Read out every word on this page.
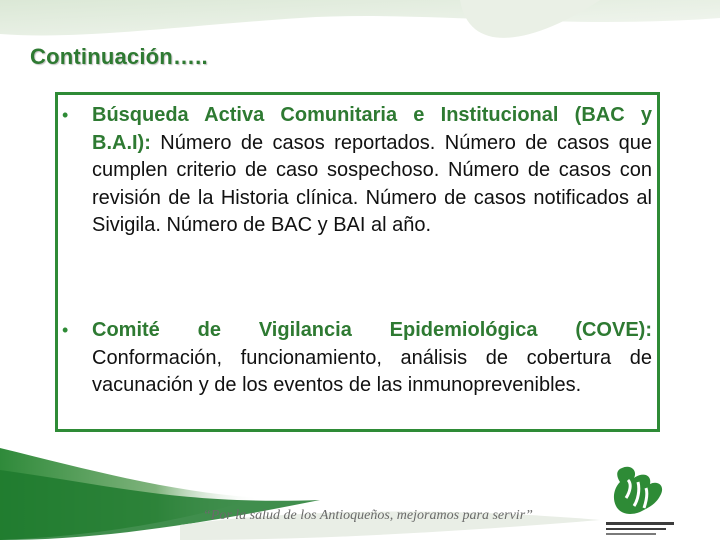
Continuación…..
•	Búsqueda Activa Comunitaria e Institucional (BAC y B.A.I): Número de casos reportados. Número de casos que cumplen criterio de caso sospechoso. Número de casos con revisión de la Historia clínica. Número de casos notificados al Sivigila. Número de BAC y BAI al año.
•	Comité de Vigilancia Epidemiológica (COVE): Conformación, funcionamiento, análisis de cobertura de vacunación y de los eventos de las inmunoprevenibles.
“Por la salud de los Antioqueños, mejoramos para servir”
